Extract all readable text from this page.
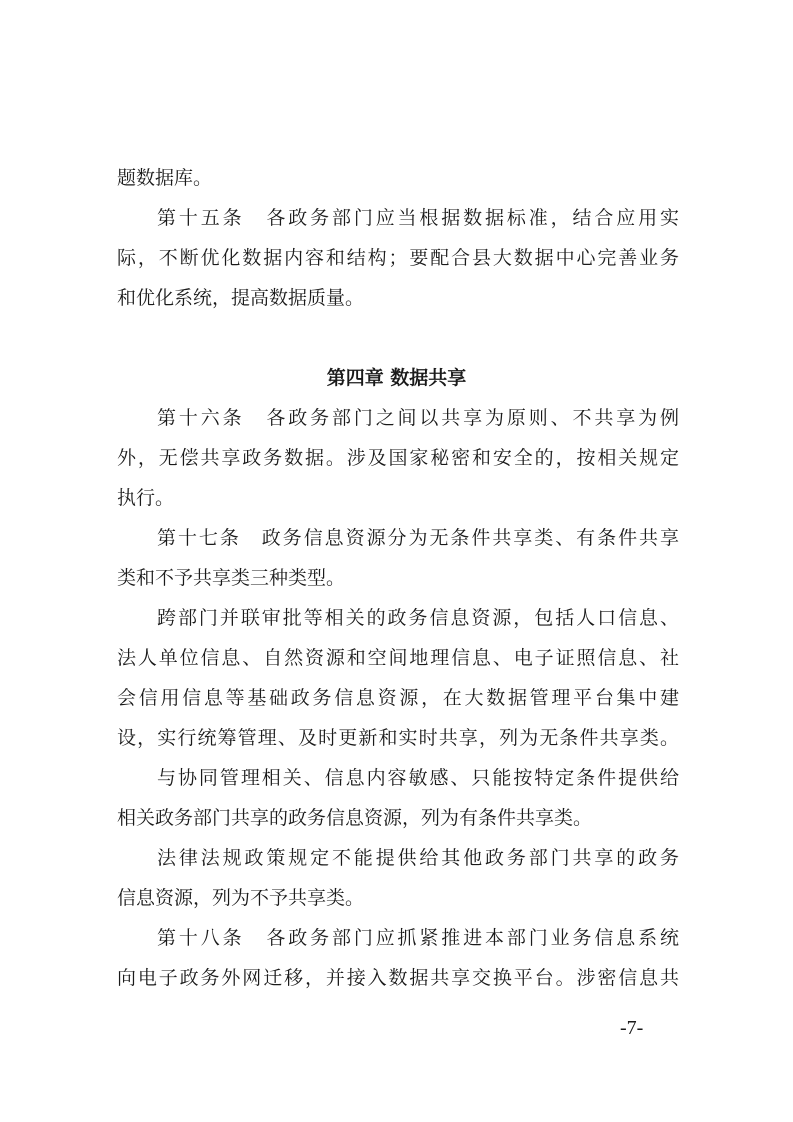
题数据库。
第十五条　各政务部门应当根据数据标准，结合应用实
际，不断优化数据内容和结构；要配合县大数据中心完善业务
和优化系统，提高数据质量。
第四章 数据共享
第十六条　各政务部门之间以共享为原则、不共享为例
外，无偿共享政务数据。涉及国家秘密和安全的，按相关规定
执行。
第十七条　政务信息资源分为无条件共享类、有条件共享
类和不予共享类三种类型。
跨部门并联审批等相关的政务信息资源，包括人口信息、
法人单位信息、自然资源和空间地理信息、电子证照信息、社
会信用信息等基础政务信息资源，在大数据管理平台集中建
设，实行统筹管理、及时更新和实时共享，列为无条件共享类。
与协同管理相关、信息内容敏感、只能按特定条件提供给
相关政务部门共享的政务信息资源，列为有条件共享类。
法律法规政策规定不能提供给其他政务部门共享的政务
信息资源，列为不予共享类。
第十八条　各政务部门应抓紧推进本部门业务信息系统
向电子政务外网迁移，并接入数据共享交换平台。涉密信息共
-7-
